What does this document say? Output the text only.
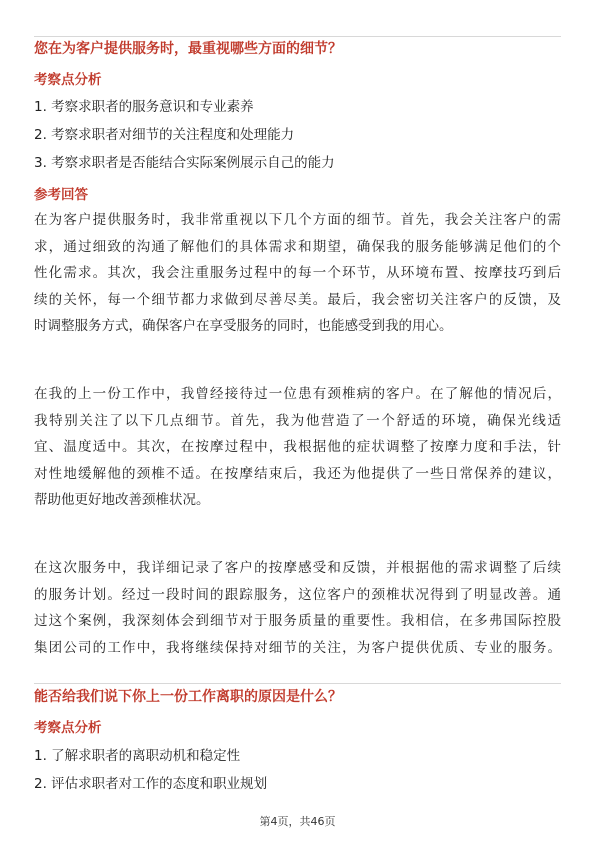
您在为客户提供服务时，最重视哪些方面的细节？
考察点分析
1. 考察求职者的服务意识和专业素养
2. 考察求职者对细节的关注程度和处理能力
3. 考察求职者是否能结合实际案例展示自己的能力
参考回答
在为客户提供服务时，我非常重视以下几个方面的细节。首先，我会关注客户的需
求，通过细致的沟通了解他们的具体需求和期望，确保我的服务能够满足他们的个
性化需求。其次，我会注重服务过程中的每一个环节，从环境布置、按摩技巧到后
续的关怀，每一个细节都力求做到尽善尽美。最后，我会密切关注客户的反馈，及
时调整服务方式，确保客户在享受服务的同时，也能感受到我的用心。
在我的上一份工作中，我曾经接待过一位患有颈椎病的客户。在了解他的情况后，
我特别关注了以下几点细节。首先，我为他营造了一个舒适的环境，确保光线适
宜、温度适中。其次，在按摩过程中，我根据他的症状调整了按摩力度和手法，针
对性地缓解他的颈椎不适。在按摩结束后，我还为他提供了一些日常保养的建议，
帮助他更好地改善颈椎状况。
在这次服务中，我详细记录了客户的按摩感受和反馈，并根据他的需求调整了后续
的服务计划。经过一段时间的跟踪服务，这位客户的颈椎状况得到了明显改善。通
过这个案例，我深刻体会到细节对于服务质量的重要性。我相信，在多弗国际控股
集团公司的工作中，我将继续保持对细节的关注，为客户提供优质、专业的服务。
能否给我们说下你上一份工作离职的原因是什么？
考察点分析
1. 了解求职者的离职动机和稳定性
2. 评估求职者对工作的态度和职业规划
第4页，共46页
